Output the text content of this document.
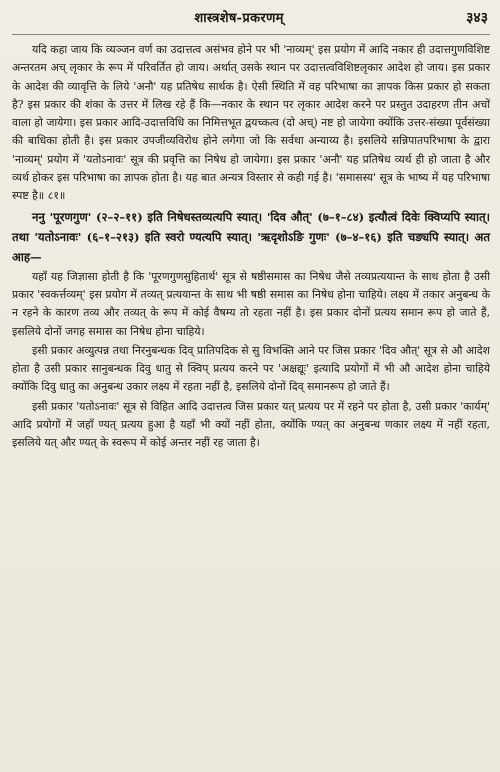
शास्त्रशेष-प्रकरणम्	३४३

यदि कहा जाय कि व्यञ्जन वर्ण का उदात्तत्व असंभव होने पर भी 'नाव्यम्' इस प्रयोग में आदि नकार ही उदात्तगुणविशिष्ट अन्तरतम अच् लृकार के रूप में परिवर्तित हो जाय। अर्थात् उसके स्थान पर उदात्तत्वविशिष्टलृकार आदेश हो जाय। इस प्रकार के आदेश की व्यावृत्ति के लिये 'अनौ' यह प्रतिषेध सार्थक है। ऐसी स्थिति में वह परिभाषा का ज्ञापक किस प्रकार हो सकता है? इस प्रकार की शंका के उत्तर में लिख रहे हैं कि—नकार के स्थान पर लृकार आदेश करने पर प्रस्तुत उदाहरण तीन अचों वाला हो जायेगा। इस प्रकार आदि-उदात्तविधि का निमित्तभूत द्वयच्कत्व (दो अच्) नष्ट हो जायेगा क्योंकि उत्तर-संख्या पूर्वसंख्या की बाधिका होती है। इस प्रकार उपजीव्यविरोध होने लगेगा जो कि सर्वथा अन्याय्य है। इसलिये सन्निपातपरिभाषा के द्वारा 'नाव्यम्' प्रयोग में 'यतोऽनावः' सूत्र की प्रवृत्ति का निषेध हो जायेगा। इस प्रकार 'अनौ' यह प्रतिषेध व्यर्थ ही हो जाता है और व्यर्थ होकर इस परिभाषा का ज्ञापक होता है। यह बात अन्यत्र विस्तार से कही गई है। 'समासस्य' सूत्र के भाष्य में यह परिभाषा स्पष्ट है॥ ८१॥

ननु 'पूरणगुण' (२–२–११) इति निषेधस्तव्यत्यपि स्यात्। 'दिव औत्' (७–१–८४) इत्यौत्वं दिवेः क्विप्यपि स्यात्। तथा 'यतोऽनावः' (६–१–२१३) इति स्वरो ण्यत्यपि स्यात्। 'ऋदृशोऽङि गुणः' (७–४–१६) इति चङ्यपि स्यात्। अत आह—

यहाँ यह जिज्ञासा होती है कि 'पूरणगुणसुहितार्थ' सूत्र से षष्ठीसमास का निषेध जैसे तव्यप्रत्ययान्त के साथ होता है उसी प्रकार 'स्वकर्त्तव्यम्' इस प्रयोग में तव्यत् प्रत्ययान्त के साथ भी षष्ठी समास का निषेध होना चाहिये। लक्ष्य में तकार अनुबन्ध के न रहने के कारण तव्य और तव्यत् के रूप में कोई वैषम्य तो रहता नहीं है। इस प्रकार दोनों प्रत्यय समान रूप हो जाते हैं, इसलिये दोनों जगह समास का निषेध होना चाहिये।

इसी प्रकार अव्युत्पन्न तथा निरनुबन्धक दिव् प्रातिपदिक से सु विभक्ति आने पर जिस प्रकार 'दिव औत्' सूत्र से औ आदेश होता है उसी प्रकार सानुबन्धक दिवु धातु से क्विप् प्रत्यय करने पर 'अक्षद्यूः' इत्यादि प्रयोगों में भी औ आदेश होना चाहिये क्योंकि दिवु धातु का अनुबन्ध उकार लक्ष्य में रहता नहीं है, इसलिये दोनों दिव् समानरूप हो जाते हैं।

इसी प्रकार 'यतोऽनावः' सूत्र से विहित आदि उदात्तत्व जिस प्रकार यत् प्रत्यय पर में रहने पर होता है, उसी प्रकार 'कार्यम्' आदि प्रयोगों में जहाँ ण्यत् प्रत्यय हुआ है यहाँ भी क्यों नहीं होता, क्योंकि ण्यत् का अनुबन्ध णकार लक्ष्य में नहीं रहता, इसलिये यत् और ण्यत् के स्वरूप में कोई अन्तर नहीं रह जाता है।
